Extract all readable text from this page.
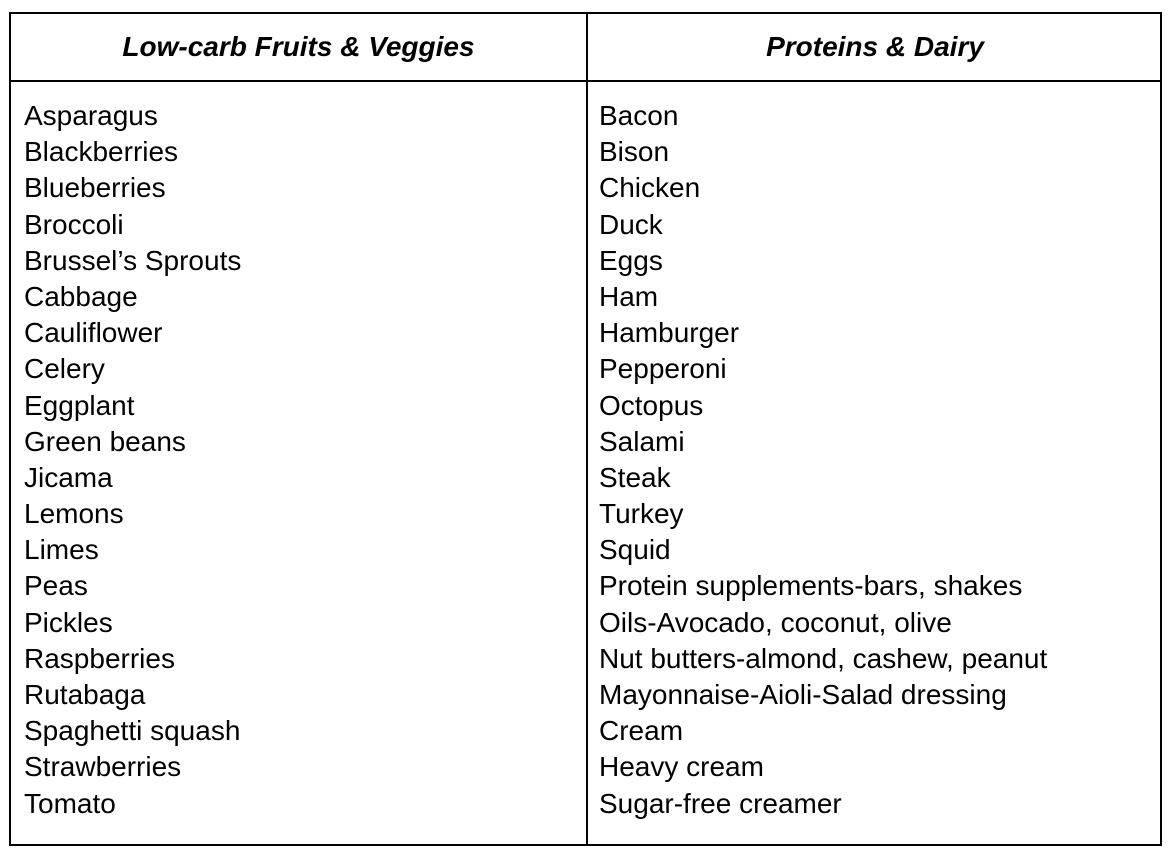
Low-carb Fruits & Veggies	Proteins & Dairy
Asparagus
Blackberries
Blueberries
Broccoli
Brussel’s Sprouts
Cabbage
Cauliflower
Celery
Eggplant
Green beans
Jicama
Lemons
Limes
Peas
Pickles
Raspberries
Rutabaga
Spaghetti squash
Strawberries
Tomato
Bacon
Bison
Chicken
Duck
Eggs
Ham
Hamburger
Pepperoni
Octopus
Salami
Steak
Turkey
Squid
Protein supplements-bars, shakes
Oils-Avocado, coconut, olive
Nut butters-almond, cashew, peanut
Mayonnaise-Aioli-Salad dressing
Cream
Heavy cream
Sugar-free creamer
